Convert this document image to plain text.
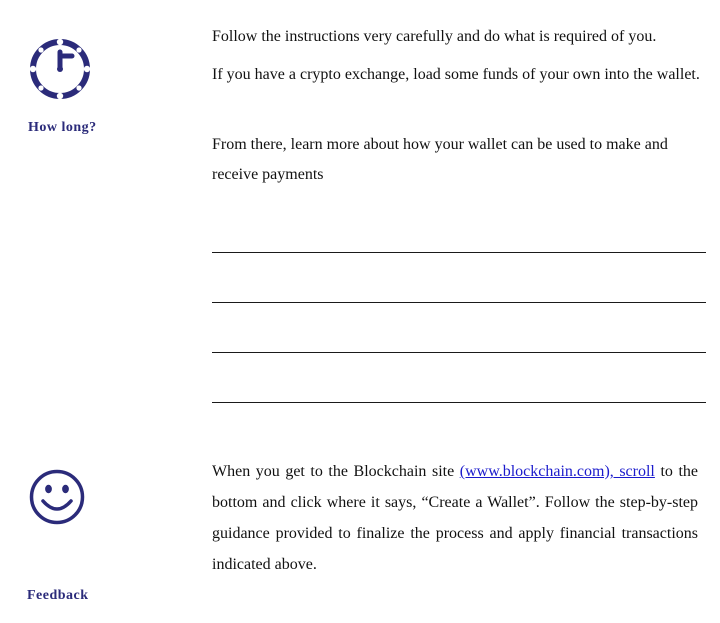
How long?

Follow the instructions very carefully and do what is required of you.

If you have a crypto exchange, load some funds of your own into the wallet.

From there, learn more about how your wallet can be used to make and receive payments

Feedback

When you get to the Blockchain site (www.blockchain.com), scroll to the bottom and click where it says, “Create a Wallet”. Follow the step-by-step guidance provided to finalize the process and apply financial transactions indicated above.
